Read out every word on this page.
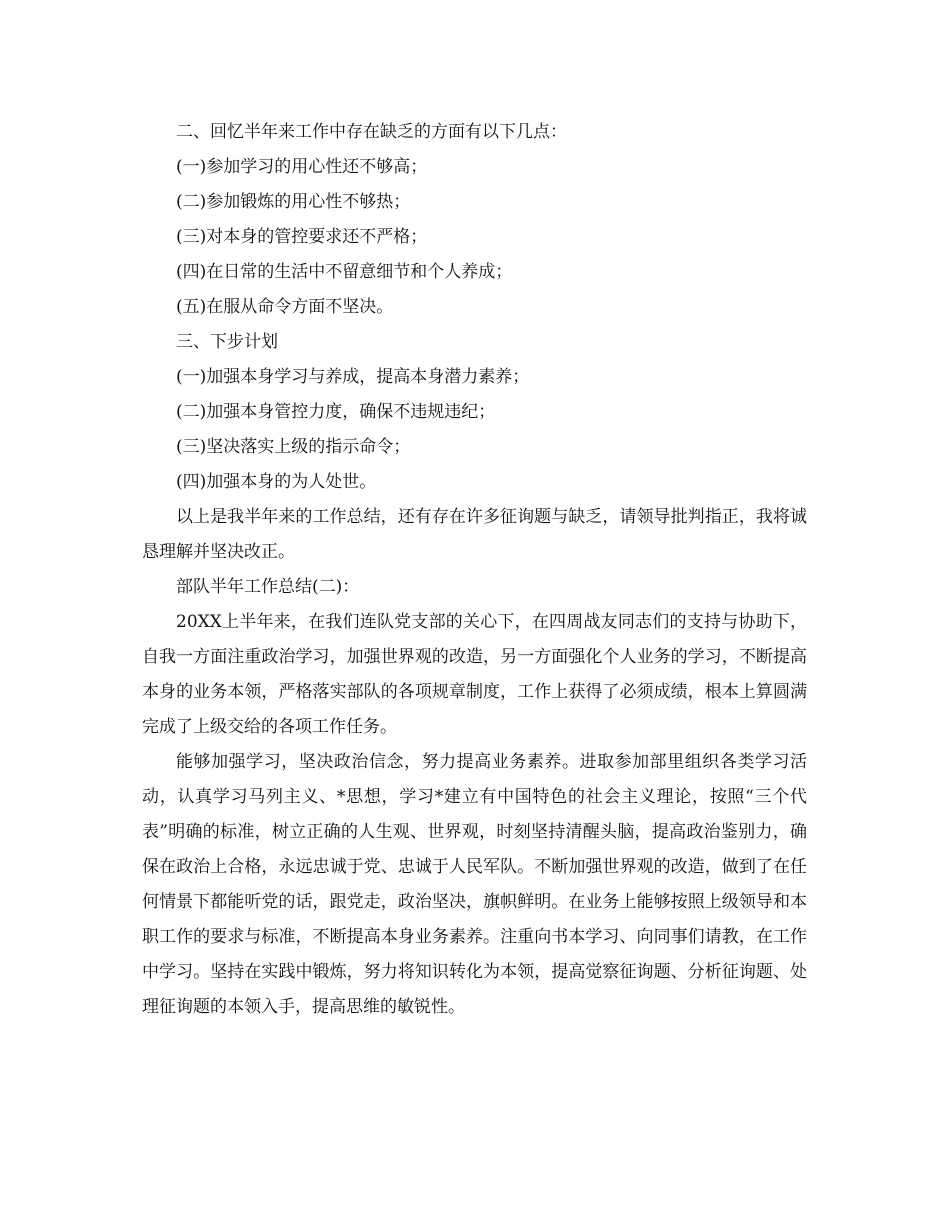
二、回忆半年来工作中存在缺乏的方面有以下几点：

(一)参加学习的用心性还不够高；

(二)参加锻炼的用心性不够热；

(三)对本身的管控要求还不严格；

(四)在日常的生活中不留意细节和个人养成；

(五)在服从命令方面不坚决。

三、下步计划

(一)加强本身学习与养成，提高本身潜力素养；

(二)加强本身管控力度，确保不违规违纪；

(三)坚决落实上级的指示命令；

(四)加强本身的为人处世。

以上是我半年来的工作总结，还有存在许多征询题与缺乏，请领导批判指正，我将诚恳理解并坚决改正。

部队半年工作总结(二)：

20XX上半年来，在我们连队党支部的关心下，在四周战友同志们的支持与协助下，自我一方面注重政治学习，加强世界观的改造，另一方面强化个人业务的学习，不断提高本身的业务本领，严格落实部队的各项规章制度，工作上获得了必须成绩，根本上算圆满完成了上级交给的各项工作任务。

能够加强学习，坚决政治信念，努力提高业务素养。进取参加部里组织各类学习活动，认真学习马列主义、*思想，学习*建立有中国特色的社会主义理论，按照“三个代表”明确的标准，树立正确的人生观、世界观，时刻坚持清醒头脑，提高政治鉴别力，确保在政治上合格，永远忠诚于党、忠诚于人民军队。不断加强世界观的改造，做到了在任何情景下都能听党的话，跟党走，政治坚决，旗帜鲜明。在业务上能够按照上级领导和本职工作的要求与标准，不断提高本身业务素养。注重向书本学习、向同事们请教，在工作中学习。坚持在实践中锻炼，努力将知识转化为本领，提高觉察征询题、分析征询题、处理征询题的本领入手，提高思维的敏锐性。
